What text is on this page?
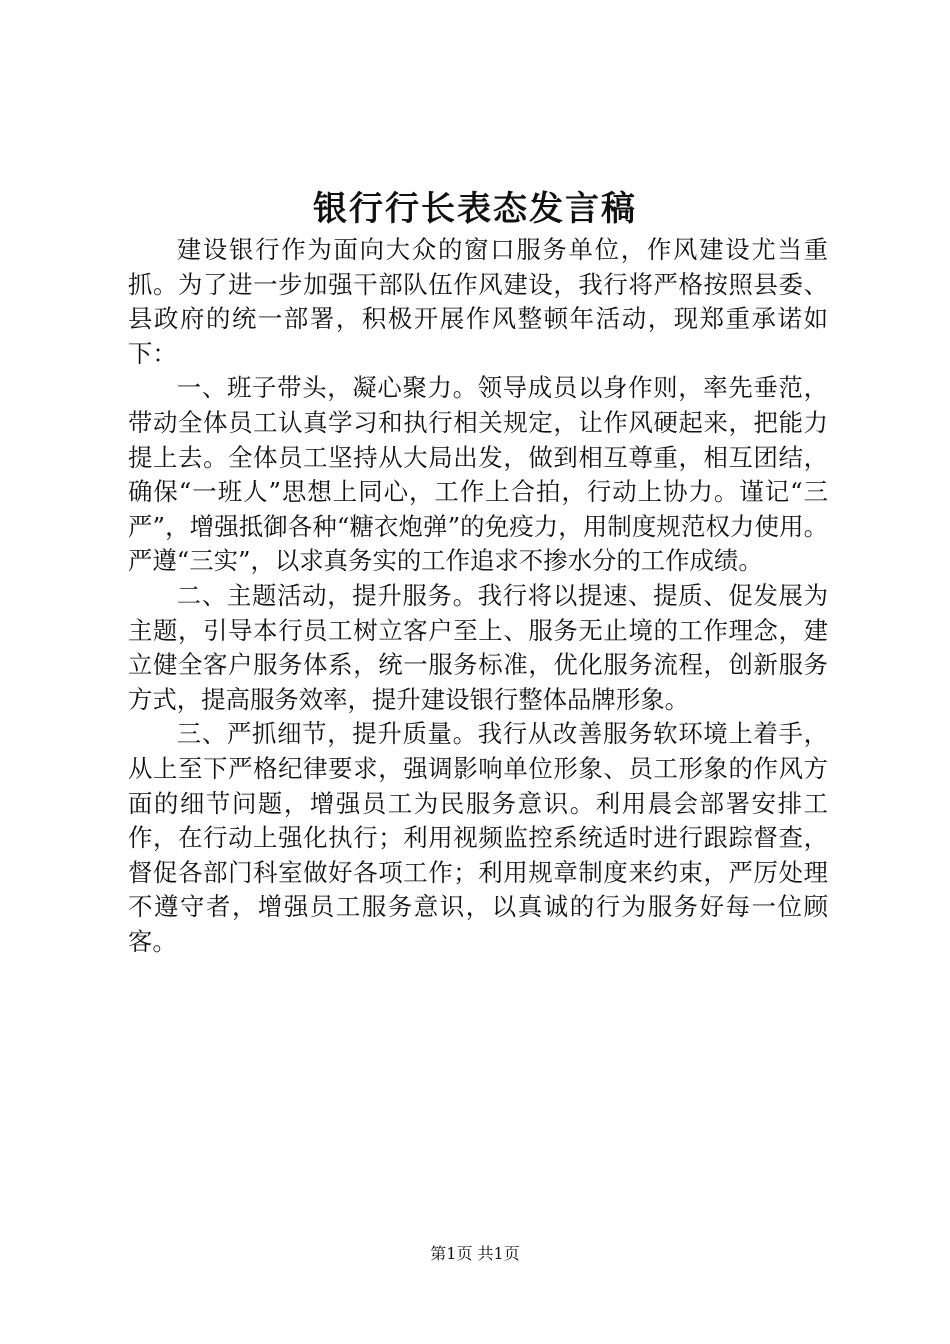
银行行长表态发言稿

建设银行作为面向大众的窗口服务单位，作风建设尤当重抓。为了进一步加强干部队伍作风建设，我行将严格按照县委、县政府的统一部署，积极开展作风整顿年活动，现郑重承诺如下：

一、班子带头，凝心聚力。领导成员以身作则，率先垂范，带动全体员工认真学习和执行相关规定，让作风硬起来，把能力提上去。全体员工坚持从大局出发，做到相互尊重，相互团结，确保“一班人”思想上同心，工作上合拍，行动上协力。谨记“三严”，增强抵御各种“糖衣炮弹”的免疫力，用制度规范权力使用。严遵“三实”，以求真务实的工作追求不掺水分的工作成绩。

二、主题活动，提升服务。我行将以提速、提质、促发展为主题，引导本行员工树立客户至上、服务无止境的工作理念，建立健全客户服务体系，统一服务标准，优化服务流程，创新服务方式，提高服务效率，提升建设银行整体品牌形象。

三、严抓细节，提升质量。我行从改善服务软环境上着手，从上至下严格纪律要求，强调影响单位形象、员工形象的作风方面的细节问题，增强员工为民服务意识。利用晨会部署安排工作，在行动上强化执行；利用视频监控系统适时进行跟踪督查，督促各部门科室做好各项工作；利用规章制度来约束，严厉处理不遵守者，增强员工服务意识，以真诚的行为服务好每一位顾客。

第1页 共1页
